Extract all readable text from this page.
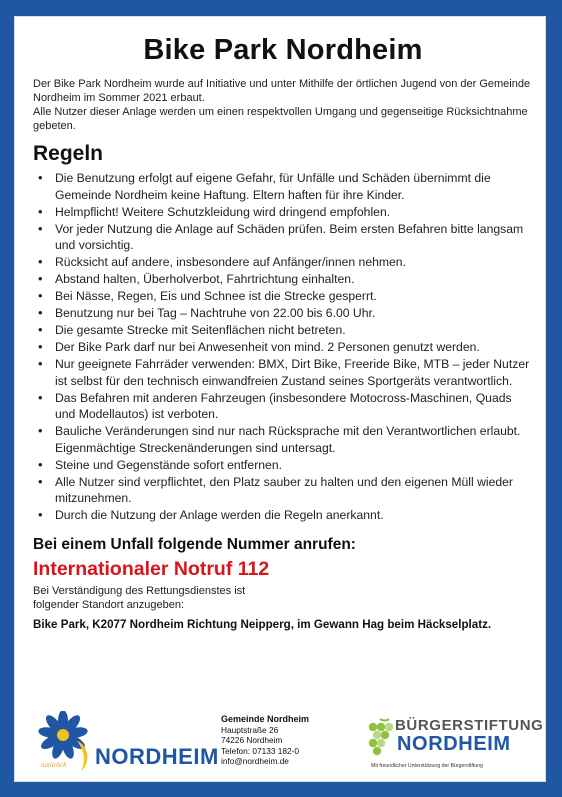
Bike Park Nordheim

Der Bike Park Nordheim wurde auf Initiative und unter Mithilfe der örtlichen Jugend von der Gemeinde Nordheim im Sommer 2021 erbaut.

Alle Nutzer dieser Anlage werden um einen respektvollen Umgang und gegenseitige Rücksichtnahme gebeten.

Regeln
• Die Benutzung erfolgt auf eigene Gefahr, für Unfälle und Schäden übernimmt die Gemeinde Nordheim keine Haftung. Eltern haften für ihre Kinder.
• Helmpflicht! Weitere Schutzkleidung wird dringend empfohlen.
• Vor jeder Nutzung die Anlage auf Schäden prüfen. Beim ersten Befahren bitte langsam und vorsichtig.
• Rücksicht auf andere, insbesondere auf Anfänger/innen nehmen.
• Abstand halten, Überholverbot, Fahrtrichtung einhalten.
• Bei Nässe, Regen, Eis und Schnee ist die Strecke gesperrt.
• Benutzung nur bei Tag – Nachtruhe von 22.00 bis 6.00 Uhr.
• Die gesamte Strecke mit Seitenflächen nicht betreten.
• Der Bike Park darf nur bei Anwesenheit von mind. 2 Personen genutzt werden.
• Nur geeignete Fahrräder verwenden: BMX, Dirt Bike, Freeride Bike, MTB – jeder Nutzer ist selbst für den technisch einwandfreien Zustand seines Sportgeräts verantwortlich.
• Das Befahren mit anderen Fahrzeugen (insbesondere Motocross-Maschinen, Quads und Modellautos) ist verboten.
• Bauliche Veränderungen sind nur nach Rücksprache mit den Verantwortlichen erlaubt. Eigenmächtige Streckenänderungen sind untersagt.
• Steine und Gegenstände sofort entfernen.
• Alle Nutzer sind verpflichtet, den Platz sauber zu halten und den eigenen Müll wieder mitzunehmen.
• Durch die Nutzung der Anlage werden die Regeln anerkannt.
Bei einem Unfall folgende Nummer anrufen:
Internationaler Notruf 112

Bei Verständigung des Rettungsdienstes ist

folgender Standort anzugeben:

Bike Park, K2077 Nordheim Richtung Neipperg, im Gewann Hag beim Häckselplatz.
NORDHEIM
natürlich
Gemeinde Nordheim
Hauptstraße 26
74226 Nordheim
Telefon: 07133 182-0
info@nordheim.de
BÜRGERSTIFTUNG
NORDHEIM
Mit freundlicher Unterstützung der Bürgerstiftung
